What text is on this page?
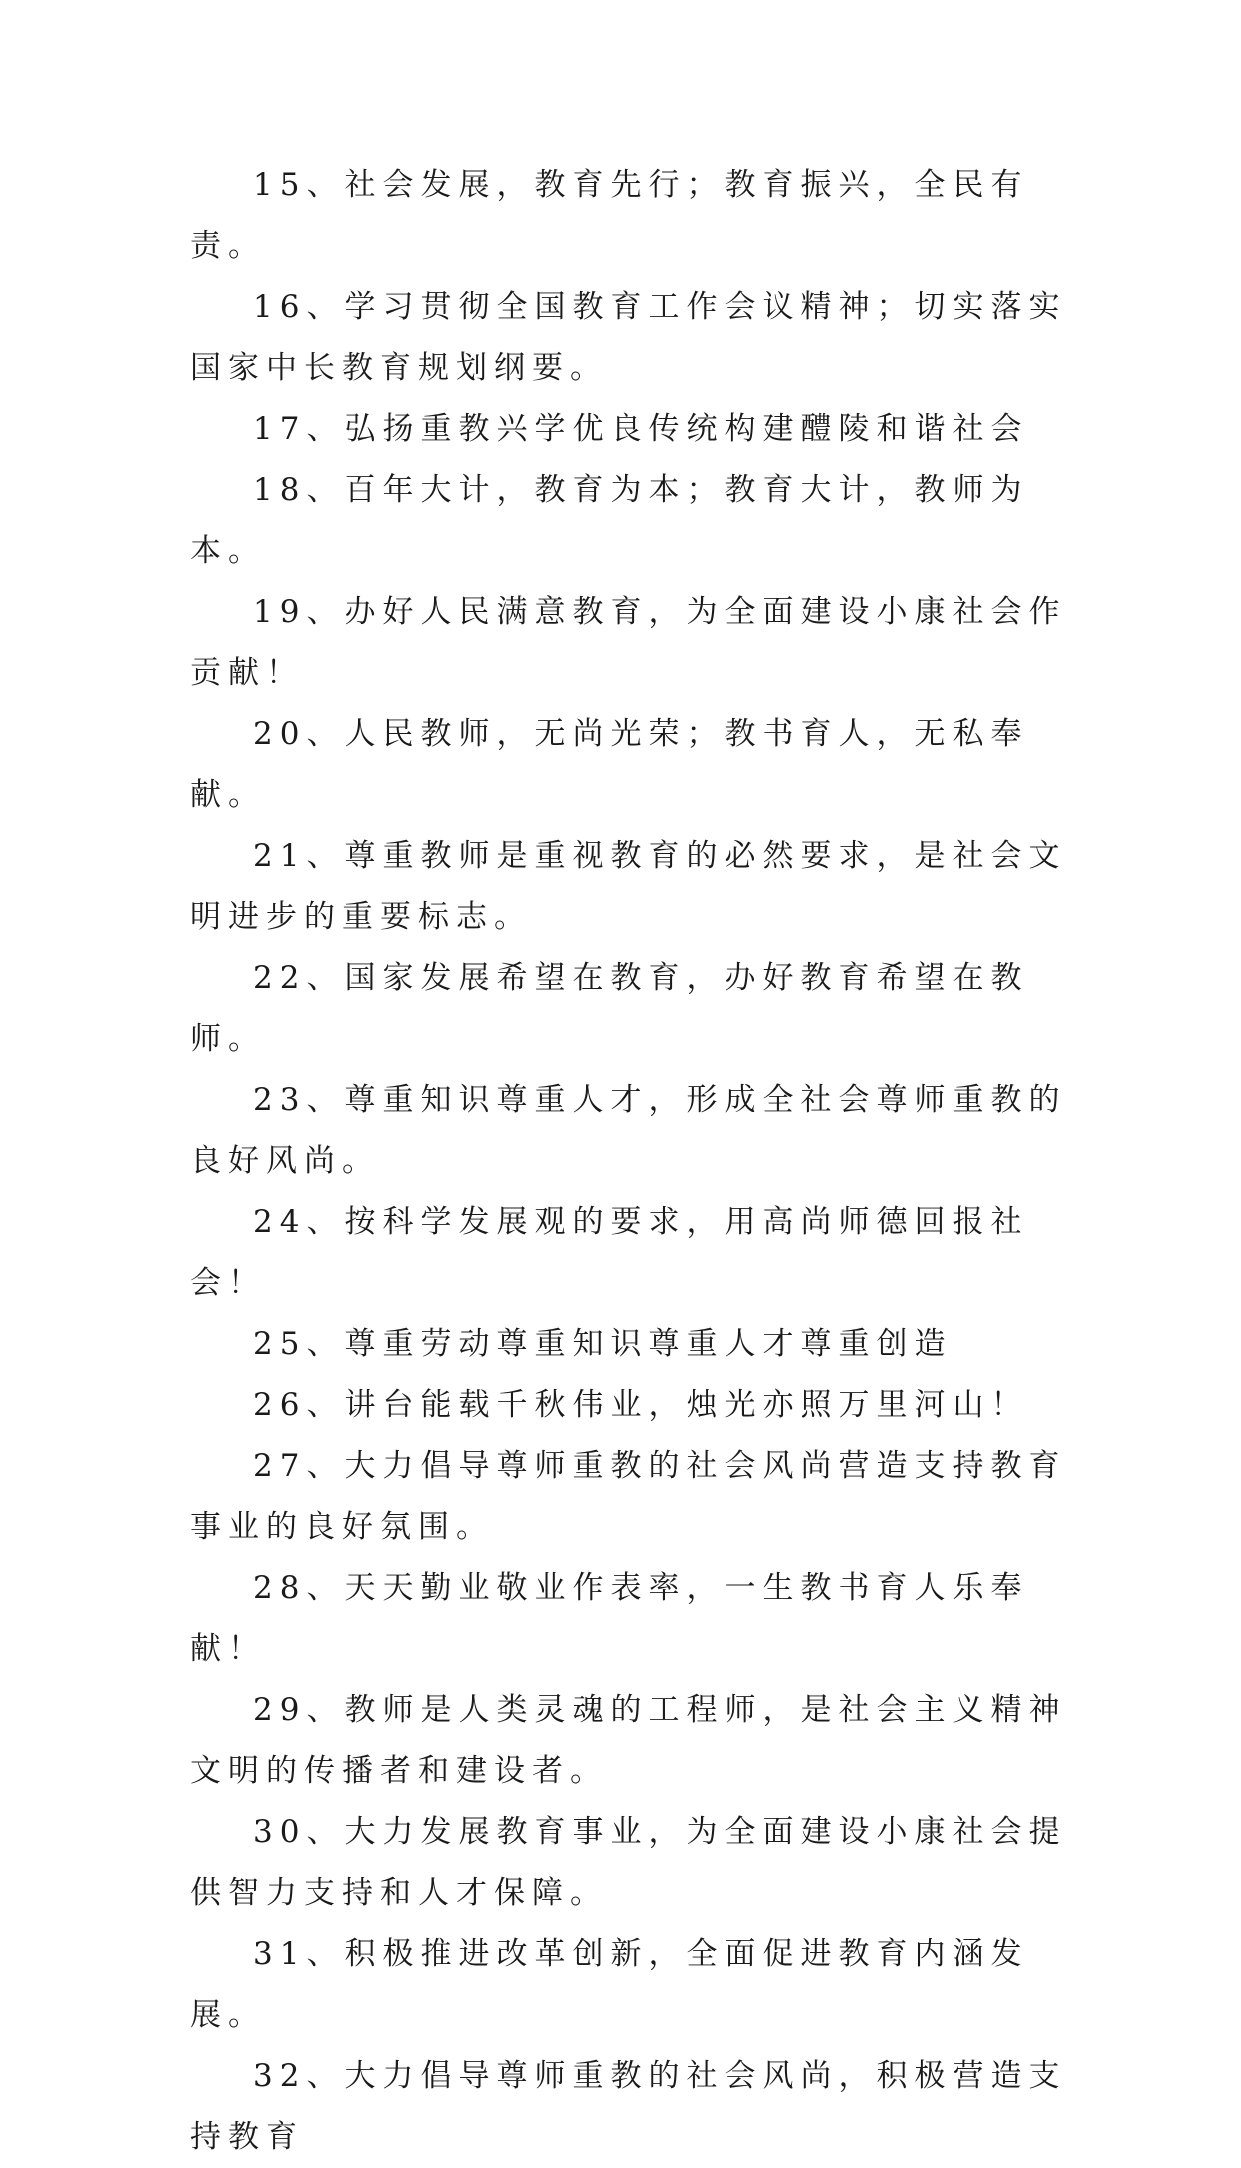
15、社会发展，教育先行；教育振兴，全民有责。

16、学习贯彻全国教育工作会议精神；切实落实国家中长教育规划纲要。

17、弘扬重教兴学优良传统构建醴陵和谐社会

18、百年大计，教育为本；教育大计，教师为本。

19、办好人民满意教育，为全面建设小康社会作贡献！

20、人民教师，无尚光荣；教书育人，无私奉献。

21、尊重教师是重视教育的必然要求，是社会文明进步的重要标志。

22、国家发展希望在教育，办好教育希望在教师。

23、尊重知识尊重人才，形成全社会尊师重教的良好风尚。

24、按科学发展观的要求，用高尚师德回报社会！

25、尊重劳动尊重知识尊重人才尊重创造

26、讲台能载千秋伟业，烛光亦照万里河山！

27、大力倡导尊师重教的社会风尚营造支持教育事业的良好氛围。

28、天天勤业敬业作表率，一生教书育人乐奉献！

29、教师是人类灵魂的工程师，是社会主义精神文明的传播者和建设者。

30、大力发展教育事业，为全面建设小康社会提供智力支持和人才保障。

31、积极推进改革创新，全面促进教育内涵发展。

32、大力倡导尊师重教的社会风尚，积极营造支持教育
